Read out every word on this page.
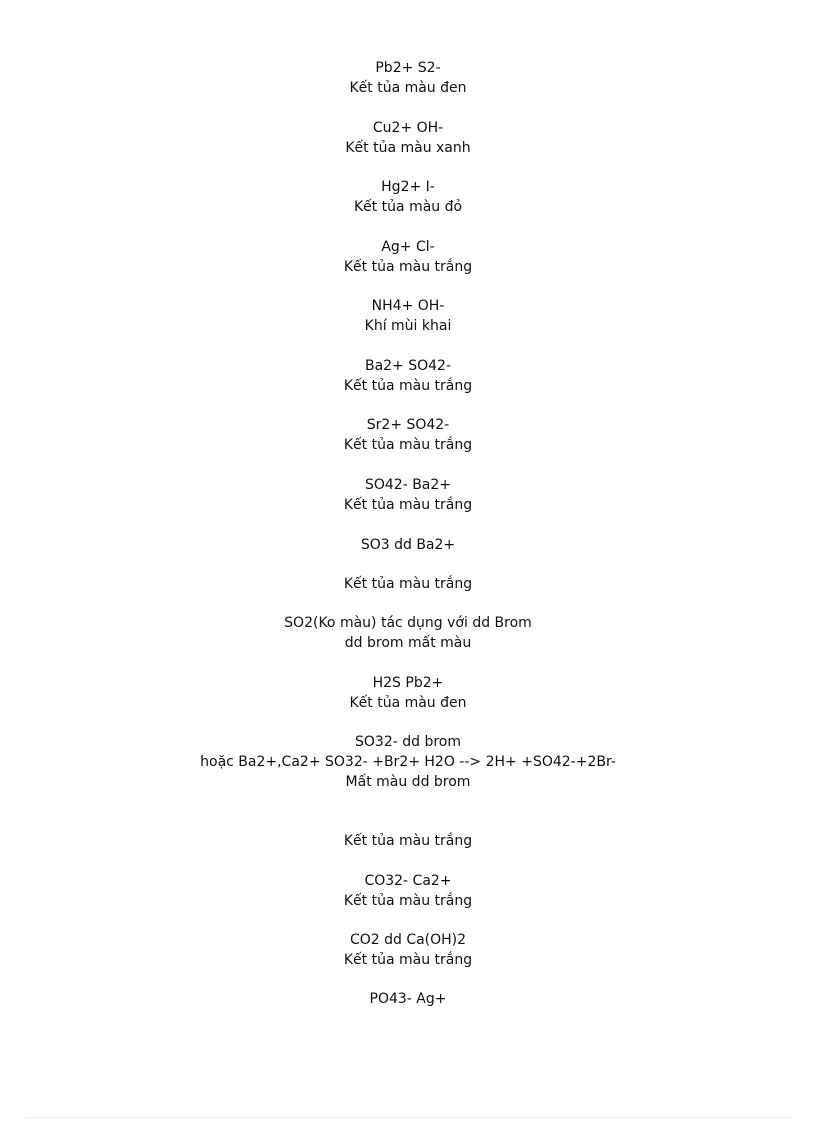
Pb2+ S2-
Kết tủa màu đen
Cu2+ OH-
Kết tủa màu xanh
Hg2+ I-
Kết tủa màu đỏ
Ag+ Cl-
Kết tủa màu trắng
NH4+ OH-
Khí mùi khai
Ba2+ SO42-
Kết tủa màu trắng
Sr2+ SO42-
Kết tủa màu trắng
SO42- Ba2+
Kết tủa màu trắng
SO3 dd Ba2+
Kết tủa màu trắng
SO2(Ko màu) tác dụng với dd Brom
dd brom mất màu
H2S Pb2+
Kết tủa màu đen
SO32- dd brom
hoặc Ba2+,Ca2+ SO32- +Br2+ H2O --> 2H+ +SO42-+2Br-
Mất màu dd brom
Kết tủa màu trắng
CO32- Ca2+
Kết tủa màu trắng
CO2 dd Ca(OH)2
Kết tủa màu trắng
PO43- Ag+
